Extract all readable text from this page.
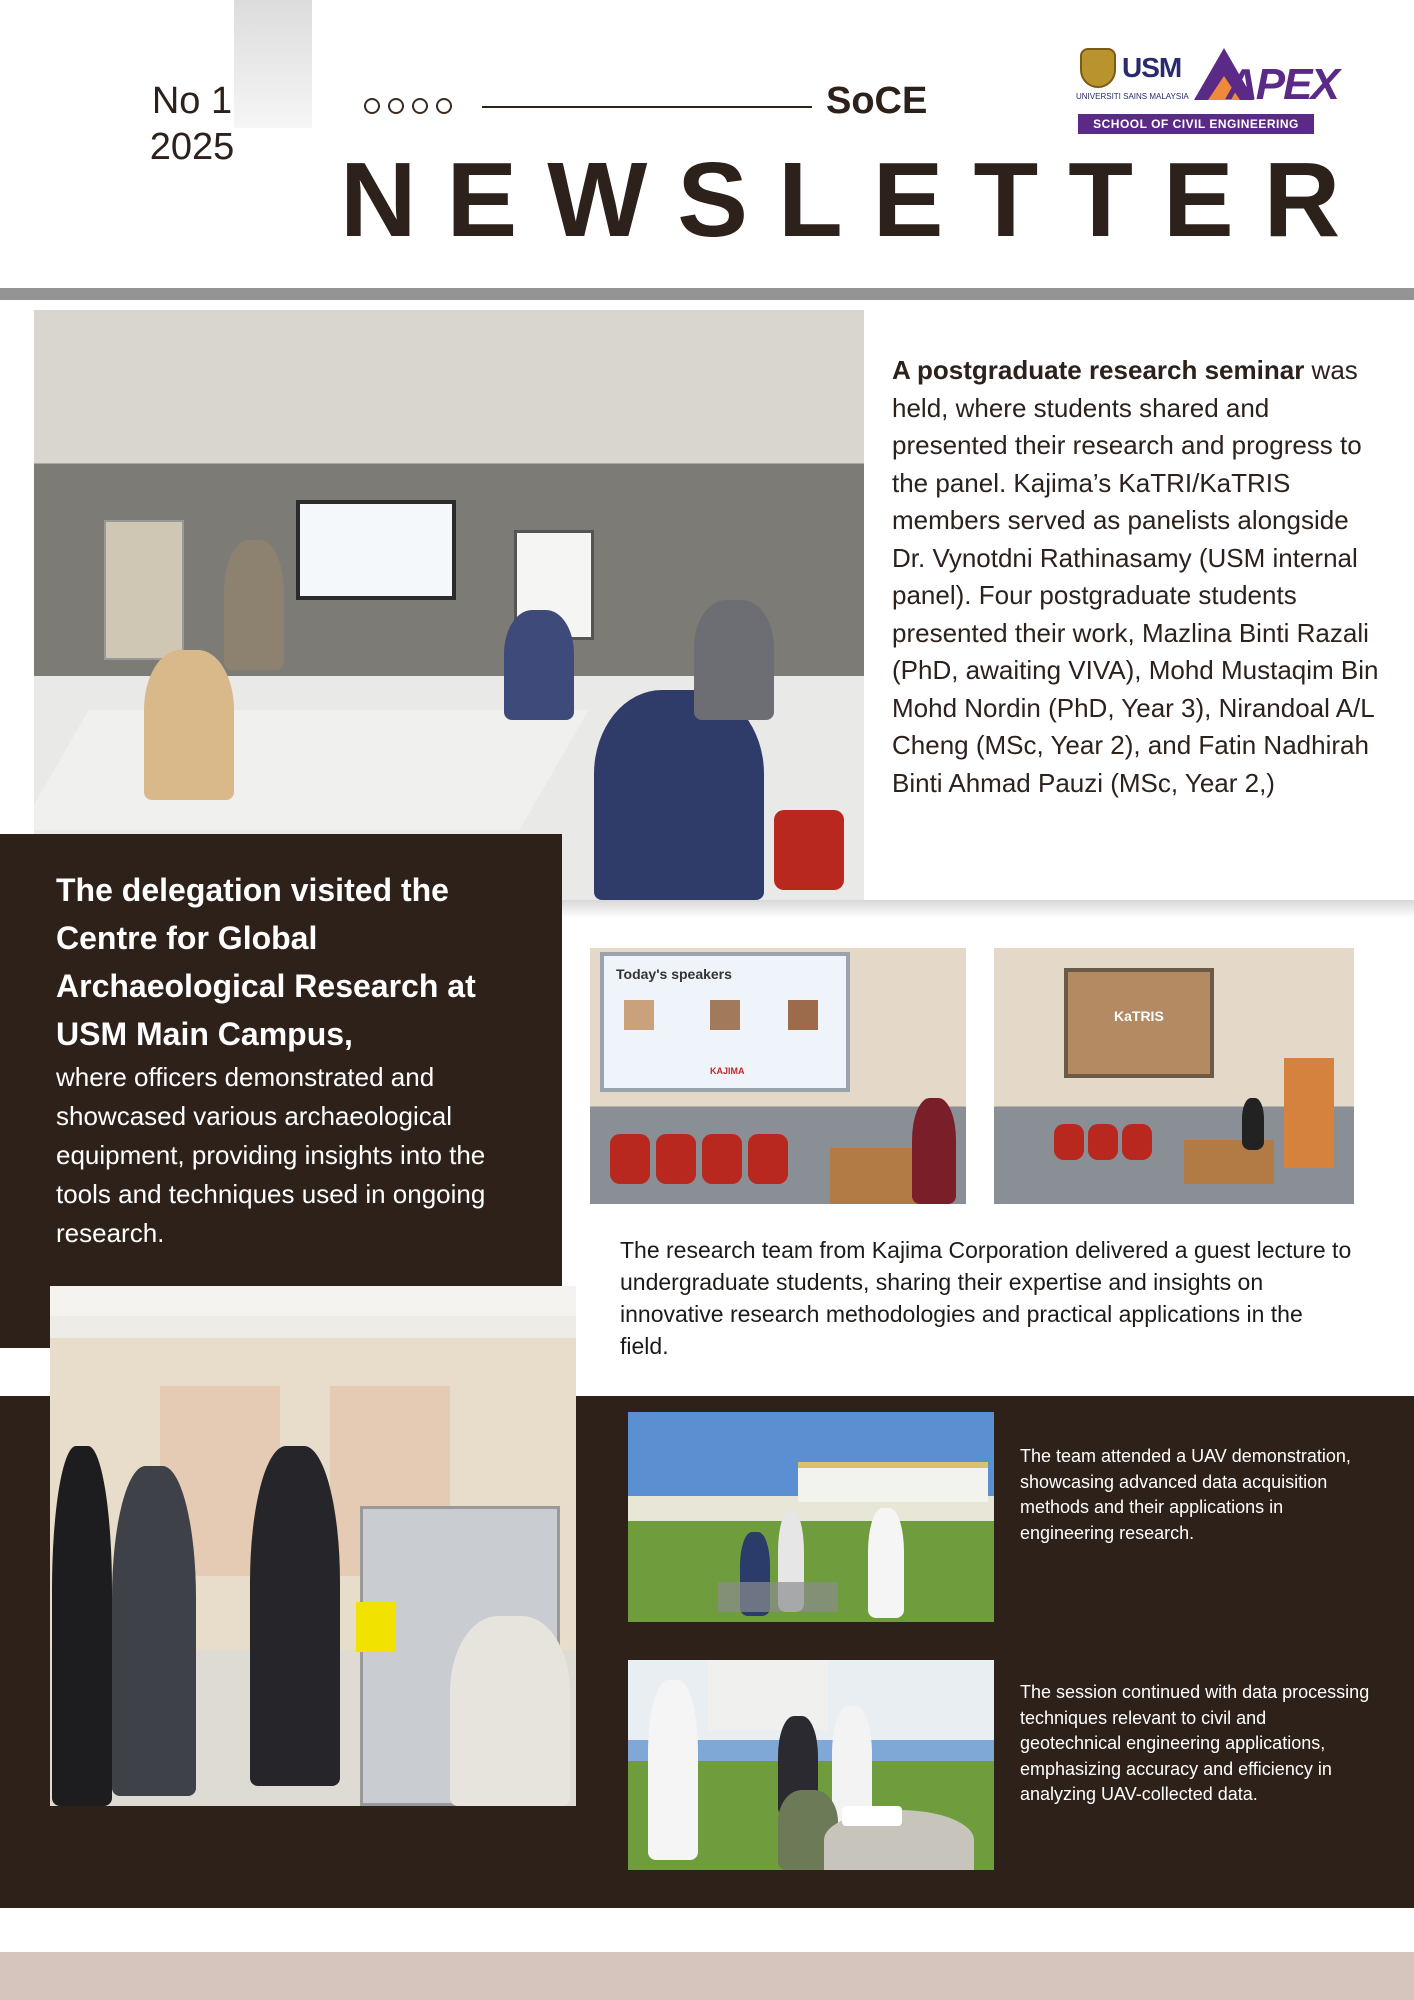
No 1
2025
SoCE
NEWSLETTER
USM
UNIVERSITI SAINS MALAYSIA APEX
SCHOOL OF CIVIL ENGINEERING
A postgraduate research seminar was held, where students shared and presented their research and progress to the panel. Kajima’s KaTRI/KaTRIS members served as panelists alongside Dr. Vynotdni Rathinasamy (USM internal panel). Four postgraduate students presented their work, Mazlina Binti Razali (PhD, awaiting VIVA), Mohd Mustaqim Bin Mohd Nordin (PhD, Year 3), Nirandoal A/L Cheng (MSc, Year 2), and Fatin Nadhirah Binti Ahmad Pauzi (MSc, Year 2,)
The delegation visited the Centre for Global Archaeological Research at USM Main Campus,
where officers demonstrated and showcased various archaeological equipment, providing insights into the tools and techniques used in ongoing research.
Today's speakers
KAJIMA
KaTRIS
The research team from Kajima Corporation delivered a guest lecture to undergraduate students, sharing their expertise and insights on innovative research methodologies and practical applications in the field.
The team attended a UAV demonstration, showcasing advanced data acquisition methods and their applications in engineering research.
The session continued with data processing techniques relevant to civil and geotechnical engineering applications, emphasizing accuracy and efficiency in analyzing UAV-collected data.
